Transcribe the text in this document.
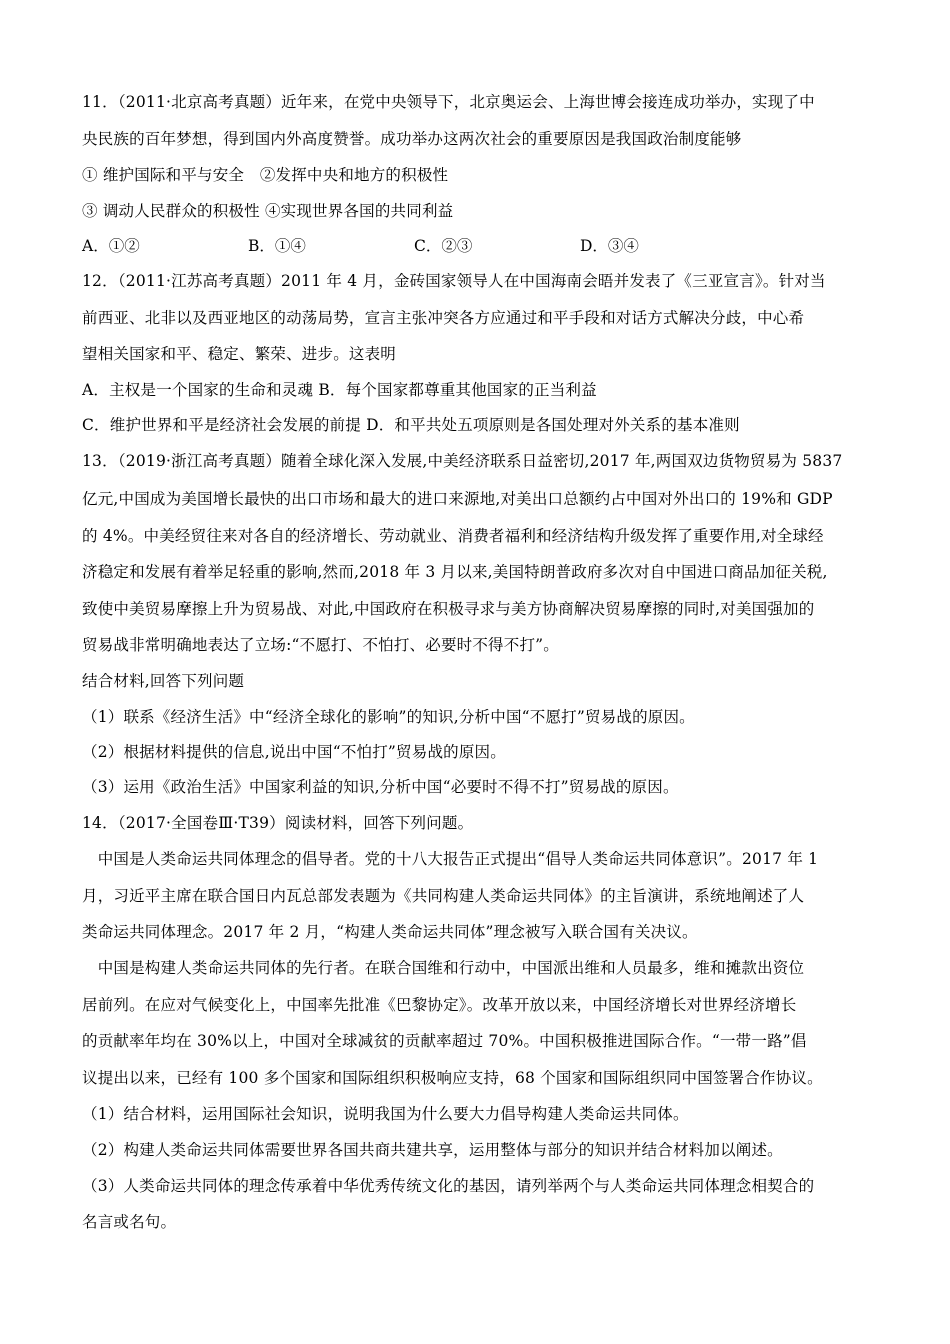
11．（2011·北京高考真题）近年来，在党中央领导下，北京奥运会、上海世博会接连成功举办，实现了中
央民族的百年梦想，得到国内外高度赞誉。成功举办这两次社会的重要原因是我国政治制度能够
① 维护国际和平与安全　②发挥中央和地方的积极性
③ 调动人民群众的积极性 ④实现世界各国的共同利益
A．①②	B．①④	C．②③	D．③④
12．（2011·江苏高考真题）2011 年 4 月，金砖国家领导人在中国海南会晤并发表了《三亚宣言》。针对当
前西亚、北非以及西亚地区的动荡局势，宣言主张冲突各方应通过和平手段和对话方式解决分歧，中心希
望相关国家和平、稳定、繁荣、进步。这表明
A．主权是一个国家的生命和灵魂 B．每个国家都尊重其他国家的正当利益
C．维护世界和平是经济社会发展的前提 D．和平共处五项原则是各国处理对外关系的基本准则
13．（2019·浙江高考真题）随着全球化深入发展,中美经济联系日益密切,2017 年,两国双边货物贸易为 5837
亿元,中国成为美国增长最快的出口市场和最大的进口来源地,对美出口总额约占中国对外出口的 19%和 GDP
的 4%。中美经贸往来对各自的经济增长、劳动就业、消费者福利和经济结构升级发挥了重要作用,对全球经
济稳定和发展有着举足轻重的影响,然而,2018 年 3 月以来,美国特朗普政府多次对自中国进口商品加征关税,
致使中美贸易摩擦上升为贸易战、对此,中国政府在积极寻求与美方协商解决贸易摩擦的同时,对美国强加的
贸易战非常明确地表达了立场:“不愿打、不怕打、必要时不得不打”。
结合材料,回答下列问题
（1）联系《经济生活》中“经济全球化的影响”的知识,分析中国“不愿打”贸易战的原因。
（2）根据材料提供的信息,说出中国“不怕打”贸易战的原因。
（3）运用《政治生活》中国家利益的知识,分析中国“必要时不得不打”贸易战的原因。
14．（2017·全国卷Ⅲ·T39）阅读材料，回答下列问题。
　中国是人类命运共同体理念的倡导者。党的十八大报告正式提出“倡导人类命运共同体意识”。2017 年 1
月，习近平主席在联合国日内瓦总部发表题为《共同构建人类命运共同体》的主旨演讲，系统地阐述了人
类命运共同体理念。2017 年 2 月，“构建人类命运共同体”理念被写入联合国有关决议。
　中国是构建人类命运共同体的先行者。在联合国维和行动中，中国派出维和人员最多，维和摊款出资位
居前列。在应对气候变化上，中国率先批准《巴黎协定》。改革开放以来，中国经济增长对世界经济增长
的贡献率年均在 30%以上，中国对全球减贫的贡献率超过 70%。中国积极推进国际合作。“一带一路”倡
议提出以来，已经有 100 多个国家和国际组织积极响应支持，68 个国家和国际组织同中国签署合作协议。
（1）结合材料，运用国际社会知识，说明我国为什么要大力倡导构建人类命运共同体。
（2）构建人类命运共同体需要世界各国共商共建共享，运用整体与部分的知识并结合材料加以阐述。
（3）人类命运共同体的理念传承着中华优秀传统文化的基因，请列举两个与人类命运共同体理念相契合的
名言或名句。
